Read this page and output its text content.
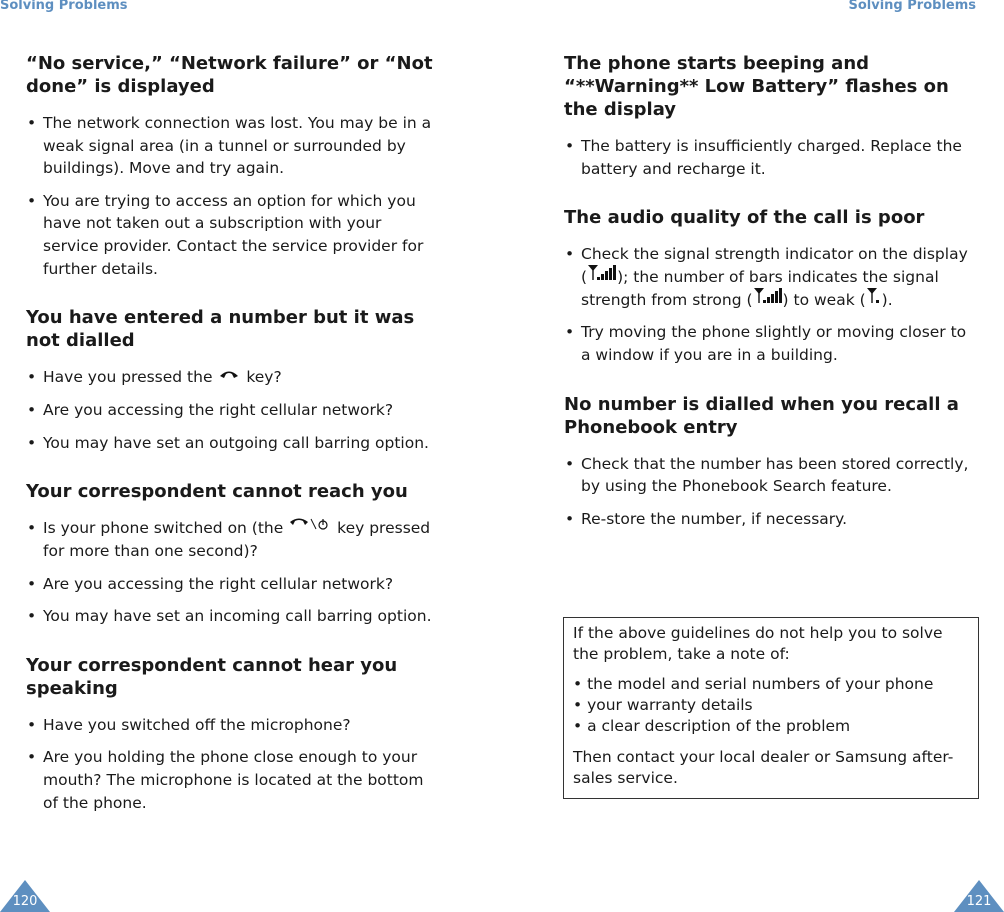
Solving Problems	Solving Problems
“No service,” “Network failure” or “Not done” is displayed
• The network connection was lost. You may be in a weak signal area (in a tunnel or surrounded by buildings). Move and try again.
• You are trying to access an option for which you have not taken out a subscription with your service provider. Contact the service provider for further details.
You have entered a number but it was not dialled
• Have you pressed the  key?
• Are you accessing the right cellular network?
• You may have set an outgoing call barring option.
Your correspondent cannot reach you
• Is your phone switched on (the	key pressed for more than one second)?
• Are you accessing the right cellular network?
• You may have set an incoming call barring option.
Your correspondent cannot hear you speaking
• Have you switched off the microphone?
• Are you holding the phone close enough to your mouth? The microphone is located at the bottom of the phone.
The phone starts beeping and “**Warning** Low Battery” flashes on the display
• The battery is insufficiently charged. Replace the battery and recharge it.
The audio quality of the call is poor
• Check the signal strength indicator on the display ( ); the number of bars indicates the signal strength from strong ( ) to weak ( ).
• Try moving the phone slightly or moving closer to a window if you are in a building.
No number is dialled when you recall a Phonebook entry
• Check that the number has been stored correctly, by using the Phonebook Search feature.
• Re-store the number, if necessary.

If the above guidelines do not help you to solve the problem, take a note of:

• the model and serial numbers of your phone
• your warranty details
• a clear description of the problem

Then contact your local dealer or Samsung after-sales service.

120	121
